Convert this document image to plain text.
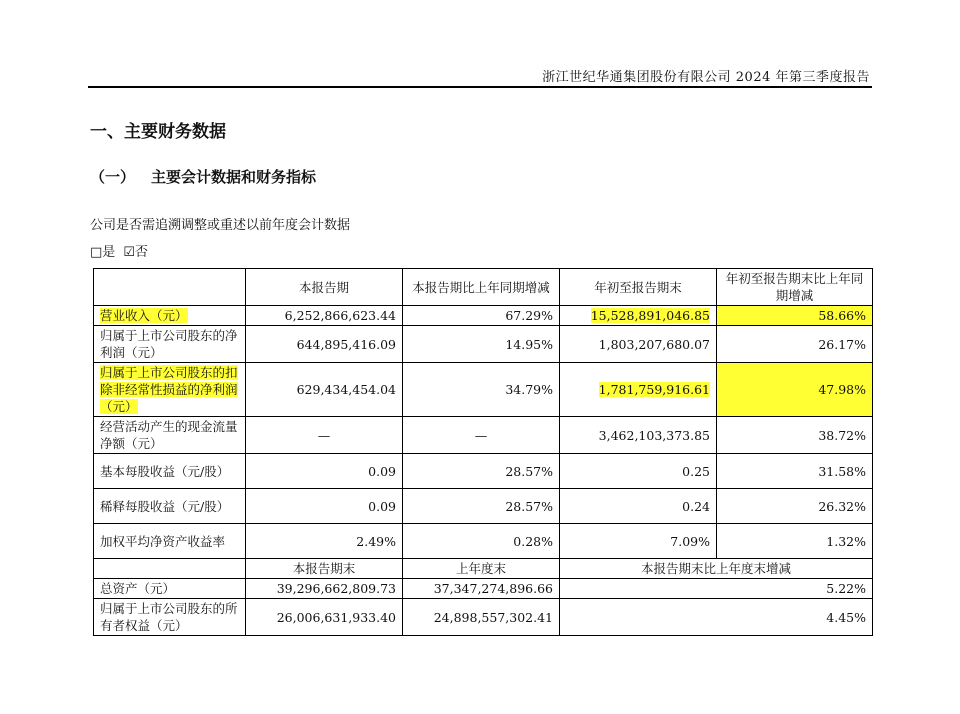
浙江世纪华通集团股份有限公司 2024 年第三季度报告
一、主要财务数据
（一） 主要会计数据和财务指标
公司是否需追溯调整或重述以前年度会计数据
□是 ☑否
	本报告期	本报告期比上年同期增减	年初至报告期末	年初至报告期末比上年同期增减
营业收入（元）	6,252,866,623.44	67.29%	15,528,891,046.85	58.66%
归属于上市公司股东的净利润（元）	644,895,416.09	14.95%	1,803,207,680.07	26.17%
归属于上市公司股东的扣除非经常性损益的净利润（元）	629,434,454.04	34.79%	1,781,759,916.61	47.98%
经营活动产生的现金流量净额（元）	—	—	3,462,103,373.85	38.72%
基本每股收益（元/股）	0.09	28.57%	0.25	31.58%
稀释每股收益（元/股）	0.09	28.57%	0.24	26.32%
加权平均净资产收益率	2.49%	0.28%	7.09%	1.32%
	本报告期末	上年度末	本报告期末比上年度末增减	
总资产（元）	39,296,662,809.73	37,347,274,896.66	5.22%	
归属于上市公司股东的所有者权益（元）	26,006,631,933.40	24,898,557,302.41	4.45%	
